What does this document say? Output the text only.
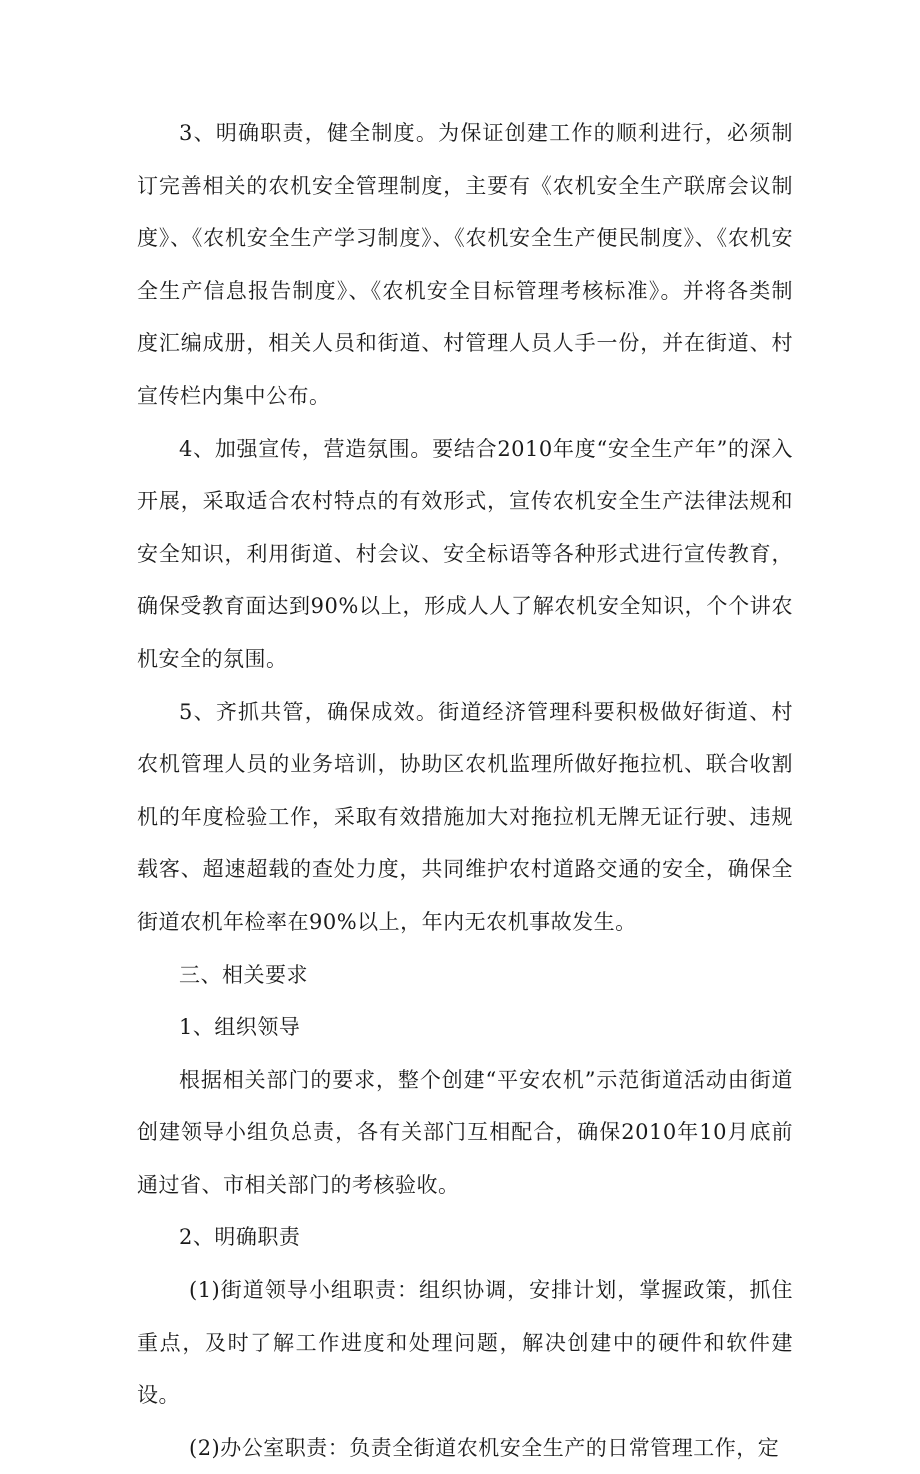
3、明确职责，健全制度。为保证创建工作的顺利进行，必须制订完善相关的农机安全管理制度，主要有《农机安全生产联席会议制度》、《农机安全生产学习制度》、《农机安全生产便民制度》、《农机安全生产信息报告制度》、《农机安全目标管理考核标准》。并将各类制度汇编成册，相关人员和街道、村管理人员人手一份，并在街道、村宣传栏内集中公布。

4、加强宣传，营造氛围。要结合2010年度“安全生产年”的深入开展，采取适合农村特点的有效形式，宣传农机安全生产法律法规和安全知识，利用街道、村会议、安全标语等各种形式进行宣传教育，确保受教育面达到90%以上，形成人人了解农机安全知识，个个讲农机安全的氛围。

5、齐抓共管，确保成效。街道经济管理科要积极做好街道、村农机管理人员的业务培训，协助区农机监理所做好拖拉机、联合收割机的年度检验工作，采取有效措施加大对拖拉机无牌无证行驶、违规载客、超速超载的查处力度，共同维护农村道路交通的安全，确保全街道农机年检率在90%以上，年内无农机事故发生。

三、相关要求

1、组织领导

根据相关部门的要求，整个创建“平安农机”示范街道活动由街道创建领导小组负总责，各有关部门互相配合，确保2010年10月底前通过省、市相关部门的考核验收。

2、明确职责

(1)街道领导小组职责：组织协调，安排计划，掌握政策，抓住重点，及时了解工作进度和处理问题，解决创建中的硬件和软件建设。

(2)办公室职责：负责全街道农机安全生产的日常管理工作，定
